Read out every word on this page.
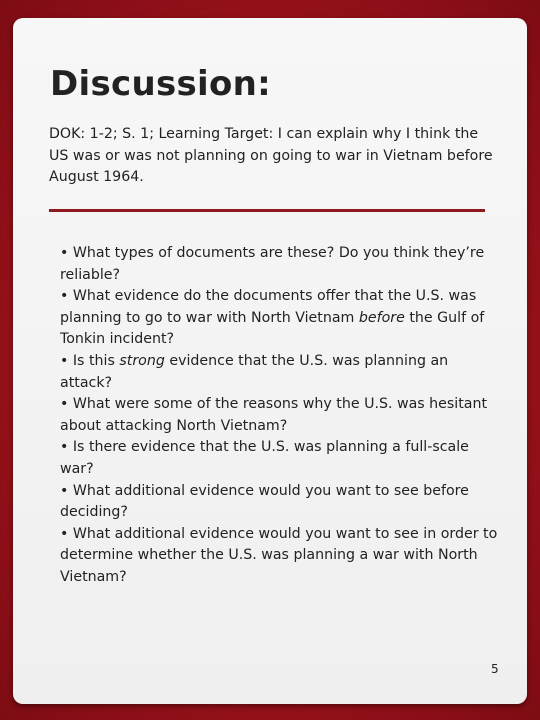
Discussion:

DOK: 1-2; S. 1; Learning Target: I can explain why I think the US was or was not planning on going to war in Vietnam before August 1964.

• What types of documents are these? Do you think they’re reliable?
• What evidence do the documents offer that the U.S. was planning to go to war with North Vietnam before the Gulf of Tonkin incident?
• Is this strong evidence that the U.S. was planning an attack?
• What were some of the reasons why the U.S. was hesitant about attacking North Vietnam?
• Is there evidence that the U.S. was planning a full-scale war?
• What additional evidence would you want to see before deciding?
• What additional evidence would you want to see in order to determine whether the U.S. was planning a war with North Vietnam?
5
